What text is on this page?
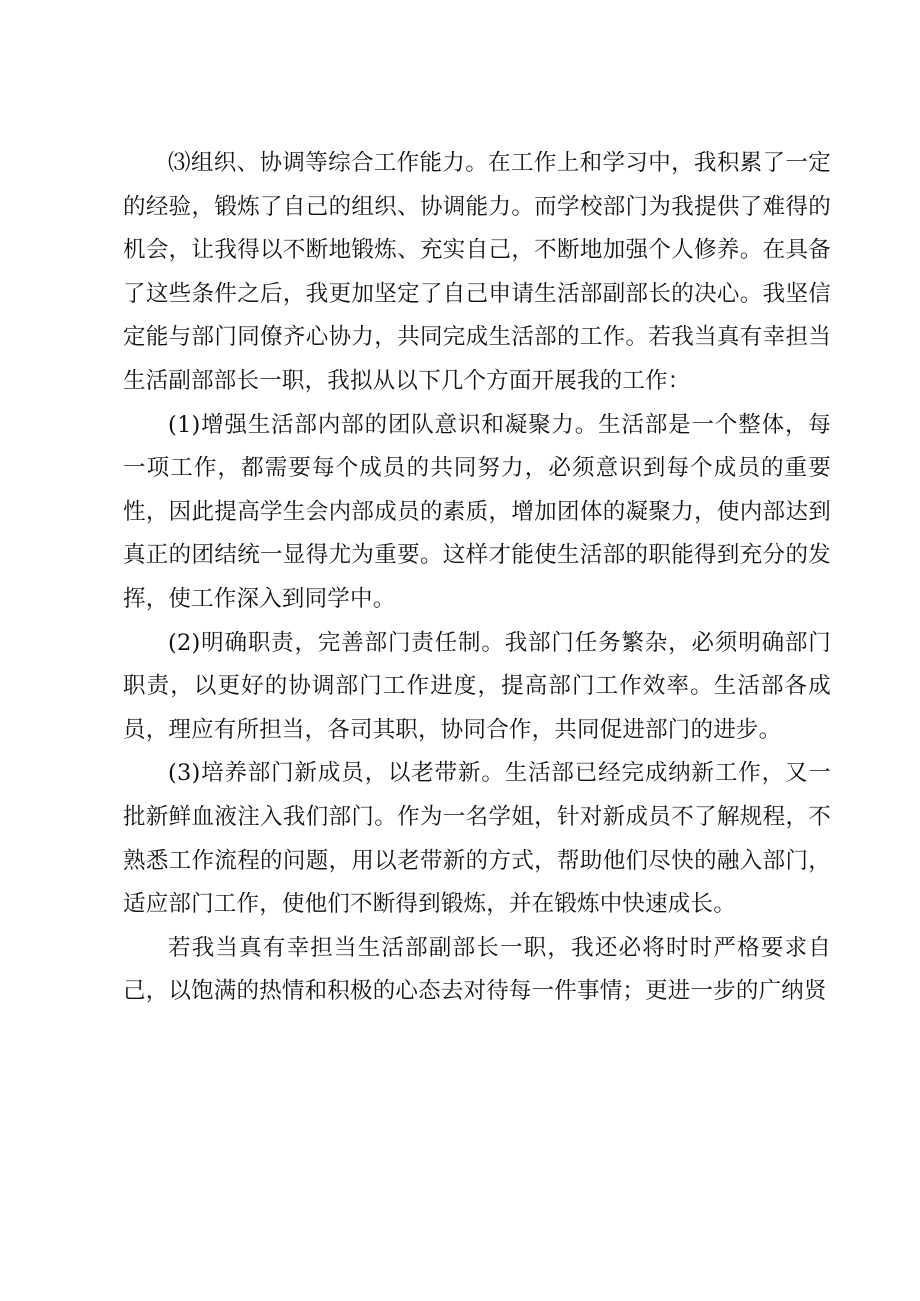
⑶组织、协调等综合工作能力。在工作上和学习中，我积累了一定的经验，锻炼了自己的组织、协调能力。而学校部门为我提供了难得的机会，让我得以不断地锻炼、充实自己，不断地加强个人修养。在具备了这些条件之后，我更加坚定了自己申请生活部副部长的决心。我坚信定能与部门同僚齐心协力，共同完成生活部的工作。若我当真有幸担当生活副部部长一职，我拟从以下几个方面开展我的工作：

(1)增强生活部内部的团队意识和凝聚力。生活部是一个整体，每一项工作，都需要每个成员的共同努力，必须意识到每个成员的重要性，因此提高学生会内部成员的素质，增加团体的凝聚力，使内部达到真正的团结统一显得尤为重要。这样才能使生活部的职能得到充分的发挥，使工作深入到同学中。

(2)明确职责，完善部门责任制。我部门任务繁杂，必须明确部门职责，以更好的协调部门工作进度，提高部门工作效率。生活部各成员，理应有所担当，各司其职，协同合作，共同促进部门的进步。

(3)培养部门新成员，以老带新。生活部已经完成纳新工作，又一批新鲜血液注入我们部门。作为一名学姐，针对新成员不了解规程，不熟悉工作流程的问题，用以老带新的方式，帮助他们尽快的融入部门，适应部门工作，使他们不断得到锻炼，并在锻炼中快速成长。

若我当真有幸担当生活部副部长一职，我还必将时时严格要求自己，以饱满的热情和积极的心态去对待每一件事情；更进一步的广纳贤
